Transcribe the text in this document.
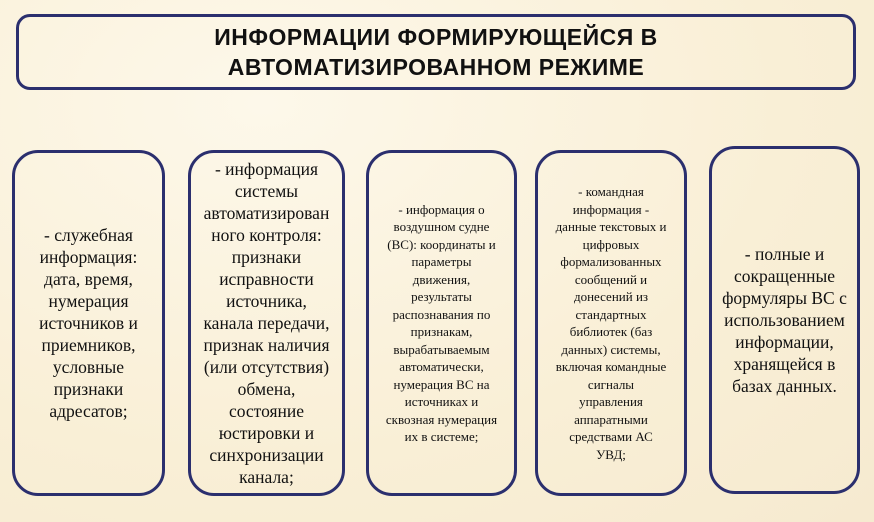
ИНФОРМАЦИИ ФОРМИРУЮЩЕЙСЯ В
АВТОМАТИЗИРОВАННОМ РЕЖИМЕ
- служебная
информация:
дата, время,
нумерация
источников и
приемников,
условные
признаки
адресатов;
- информация
системы
автоматизирован
ного контроля:
признаки
исправности
источника,
канала передачи,
признак наличия
(или отсутствия)
обмена,
состояние
юстировки и
синхронизации
канала;
- информация о
воздушном судне
(ВС): координаты и
параметры
движения,
результаты
распознавания по
признакам,
вырабатываемым
автоматически,
нумерация ВС на
источниках и
сквозная нумерация
их в системе;
- командная
информация -
данные текстовых и
цифровых
формализованных
сообщений и
донесений из
стандартных
библиотек (баз
данных) системы,
включая командные
сигналы
управления
аппаратными
средствами АС
УВД;
- полные и
сокращенные
формуляры ВС с
использованием
информации,
хранящейся в
базах данных.
